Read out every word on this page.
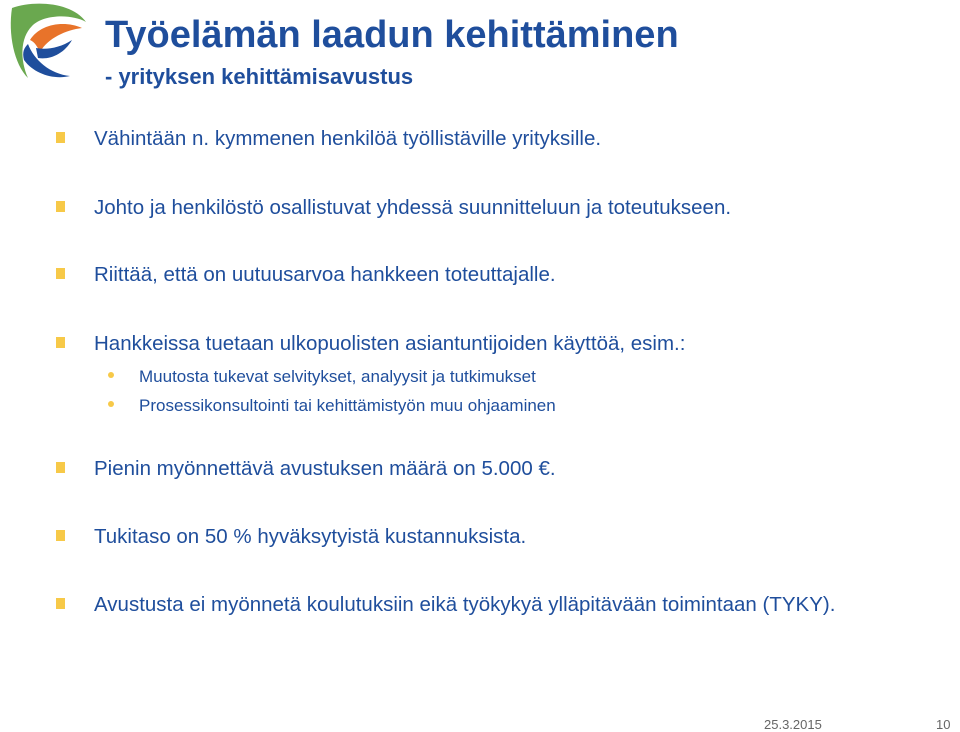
Työelämän laadun kehittäminen
- yrityksen kehittämisavustus
Vähintään n. kymmenen henkilöä työllistäville yrityksille.
Johto ja henkilöstö osallistuvat yhdessä suunnitteluun ja toteutukseen.
Riittää, että on uutuusarvoa hankkeen toteuttajalle.
Hankkeissa tuetaan ulkopuolisten asiantuntijoiden käyttöä, esim.:
Muutosta tukevat selvitykset, analyysit ja tutkimukset
Prosessikonsultointi tai kehittämistyön muu ohjaaminen
Pienin myönnettävä avustuksen määrä on 5.000 €.
Tukitaso on 50 % hyväksytyistä kustannuksista.
Avustusta ei myönnetä koulutuksiin eikä työkykyä ylläpitävään toimintaan (TYKY).
25.3.2015	10
